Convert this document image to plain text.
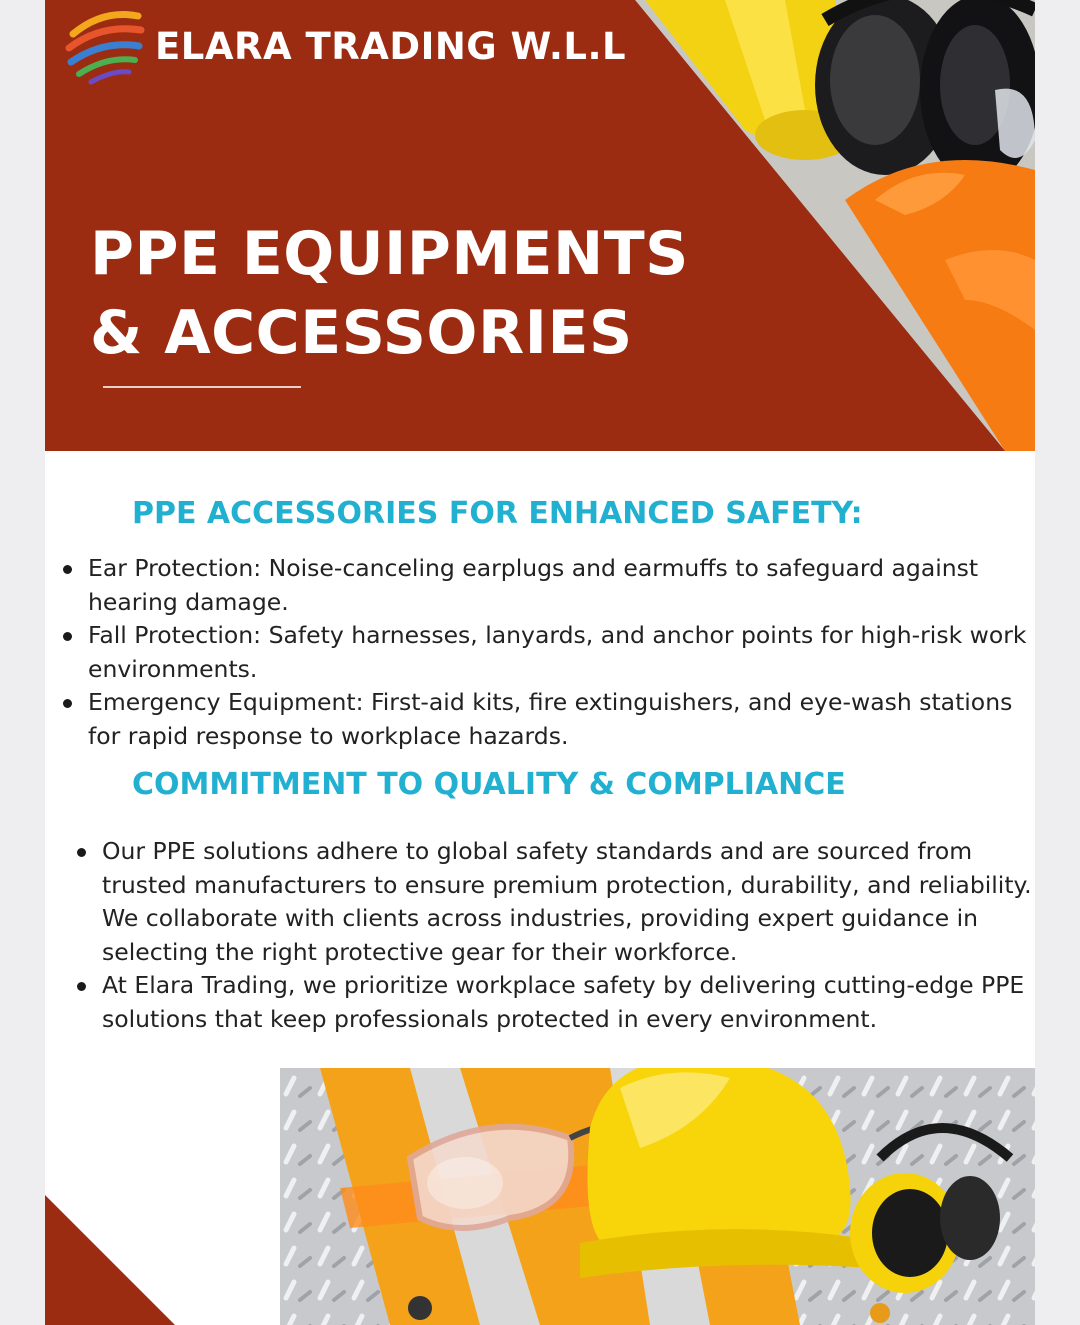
ELARA TRADING W.L.L
PPE EQUIPMENTS
& ACCESSORIES
PPE ACCESSORIES FOR ENHANCED SAFETY:
Ear Protection: Noise-canceling earplugs and earmuffs to safeguard against hearing damage.
Fall Protection: Safety harnesses, lanyards, and anchor points for high-risk work environments.
Emergency Equipment: First-aid kits, fire extinguishers, and eye-wash stations for rapid response to workplace hazards.
COMMITMENT TO QUALITY & COMPLIANCE
Our PPE solutions adhere to global safety standards and are sourced from trusted manufacturers to ensure premium protection, durability, and reliability. We collaborate with clients across industries, providing expert guidance in selecting the right protective gear for their workforce.
At Elara Trading, we prioritize workplace safety by delivering cutting-edge PPE solutions that keep professionals protected in every environment.
